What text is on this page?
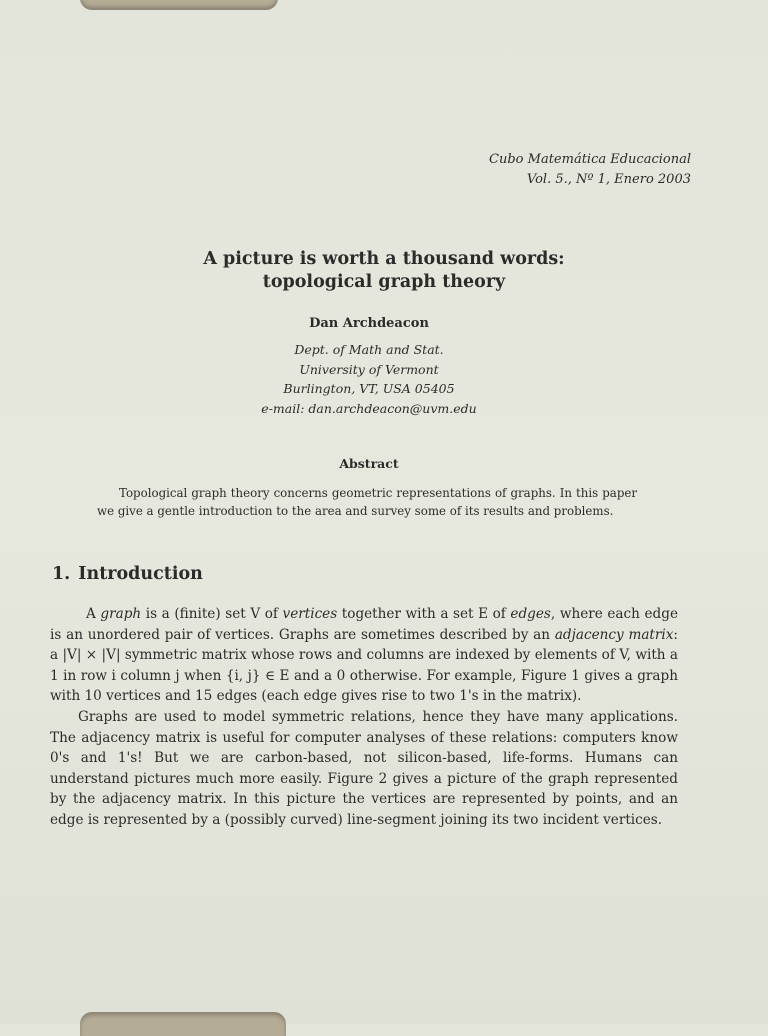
Cubo Matemática Educacional
Vol. 5., Nº 1, Enero 2003
A picture is worth a thousand words:
topological graph theory
Dan Archdeacon
Dept. of Math and Stat.
University of Vermont
Burlington, VT, USA 05405
e-mail: dan.archdeacon@uvm.edu
Abstract
Topological graph theory concerns geometric representations of graphs. In this paper we give a gentle introduction to the area and survey some of its results and problems.
1. Introduction

A graph is a (finite) set V of vertices together with a set E of edges, where each edge is an unordered pair of vertices. Graphs are sometimes described by an adjacency matrix: a |V| × |V| symmetric matrix whose rows and columns are indexed by elements of V, with a 1 in row i column j when {i, j} ∈ E and a 0 otherwise. For example, Figure 1 gives a graph with 10 vertices and 15 edges (each edge gives rise to two 1's in the matrix).

Graphs are used to model symmetric relations, hence they have many applications. The adjacency matrix is useful for computer analyses of these relations: computers know 0's and 1's! But we are carbon-based, not silicon-based, life-forms. Humans can understand pictures much more easily. Figure 2 gives a picture of the graph represented by the adjacency matrix. In this picture the vertices are represented by points, and an edge is represented by a (possibly curved) line-segment joining its two incident vertices.
